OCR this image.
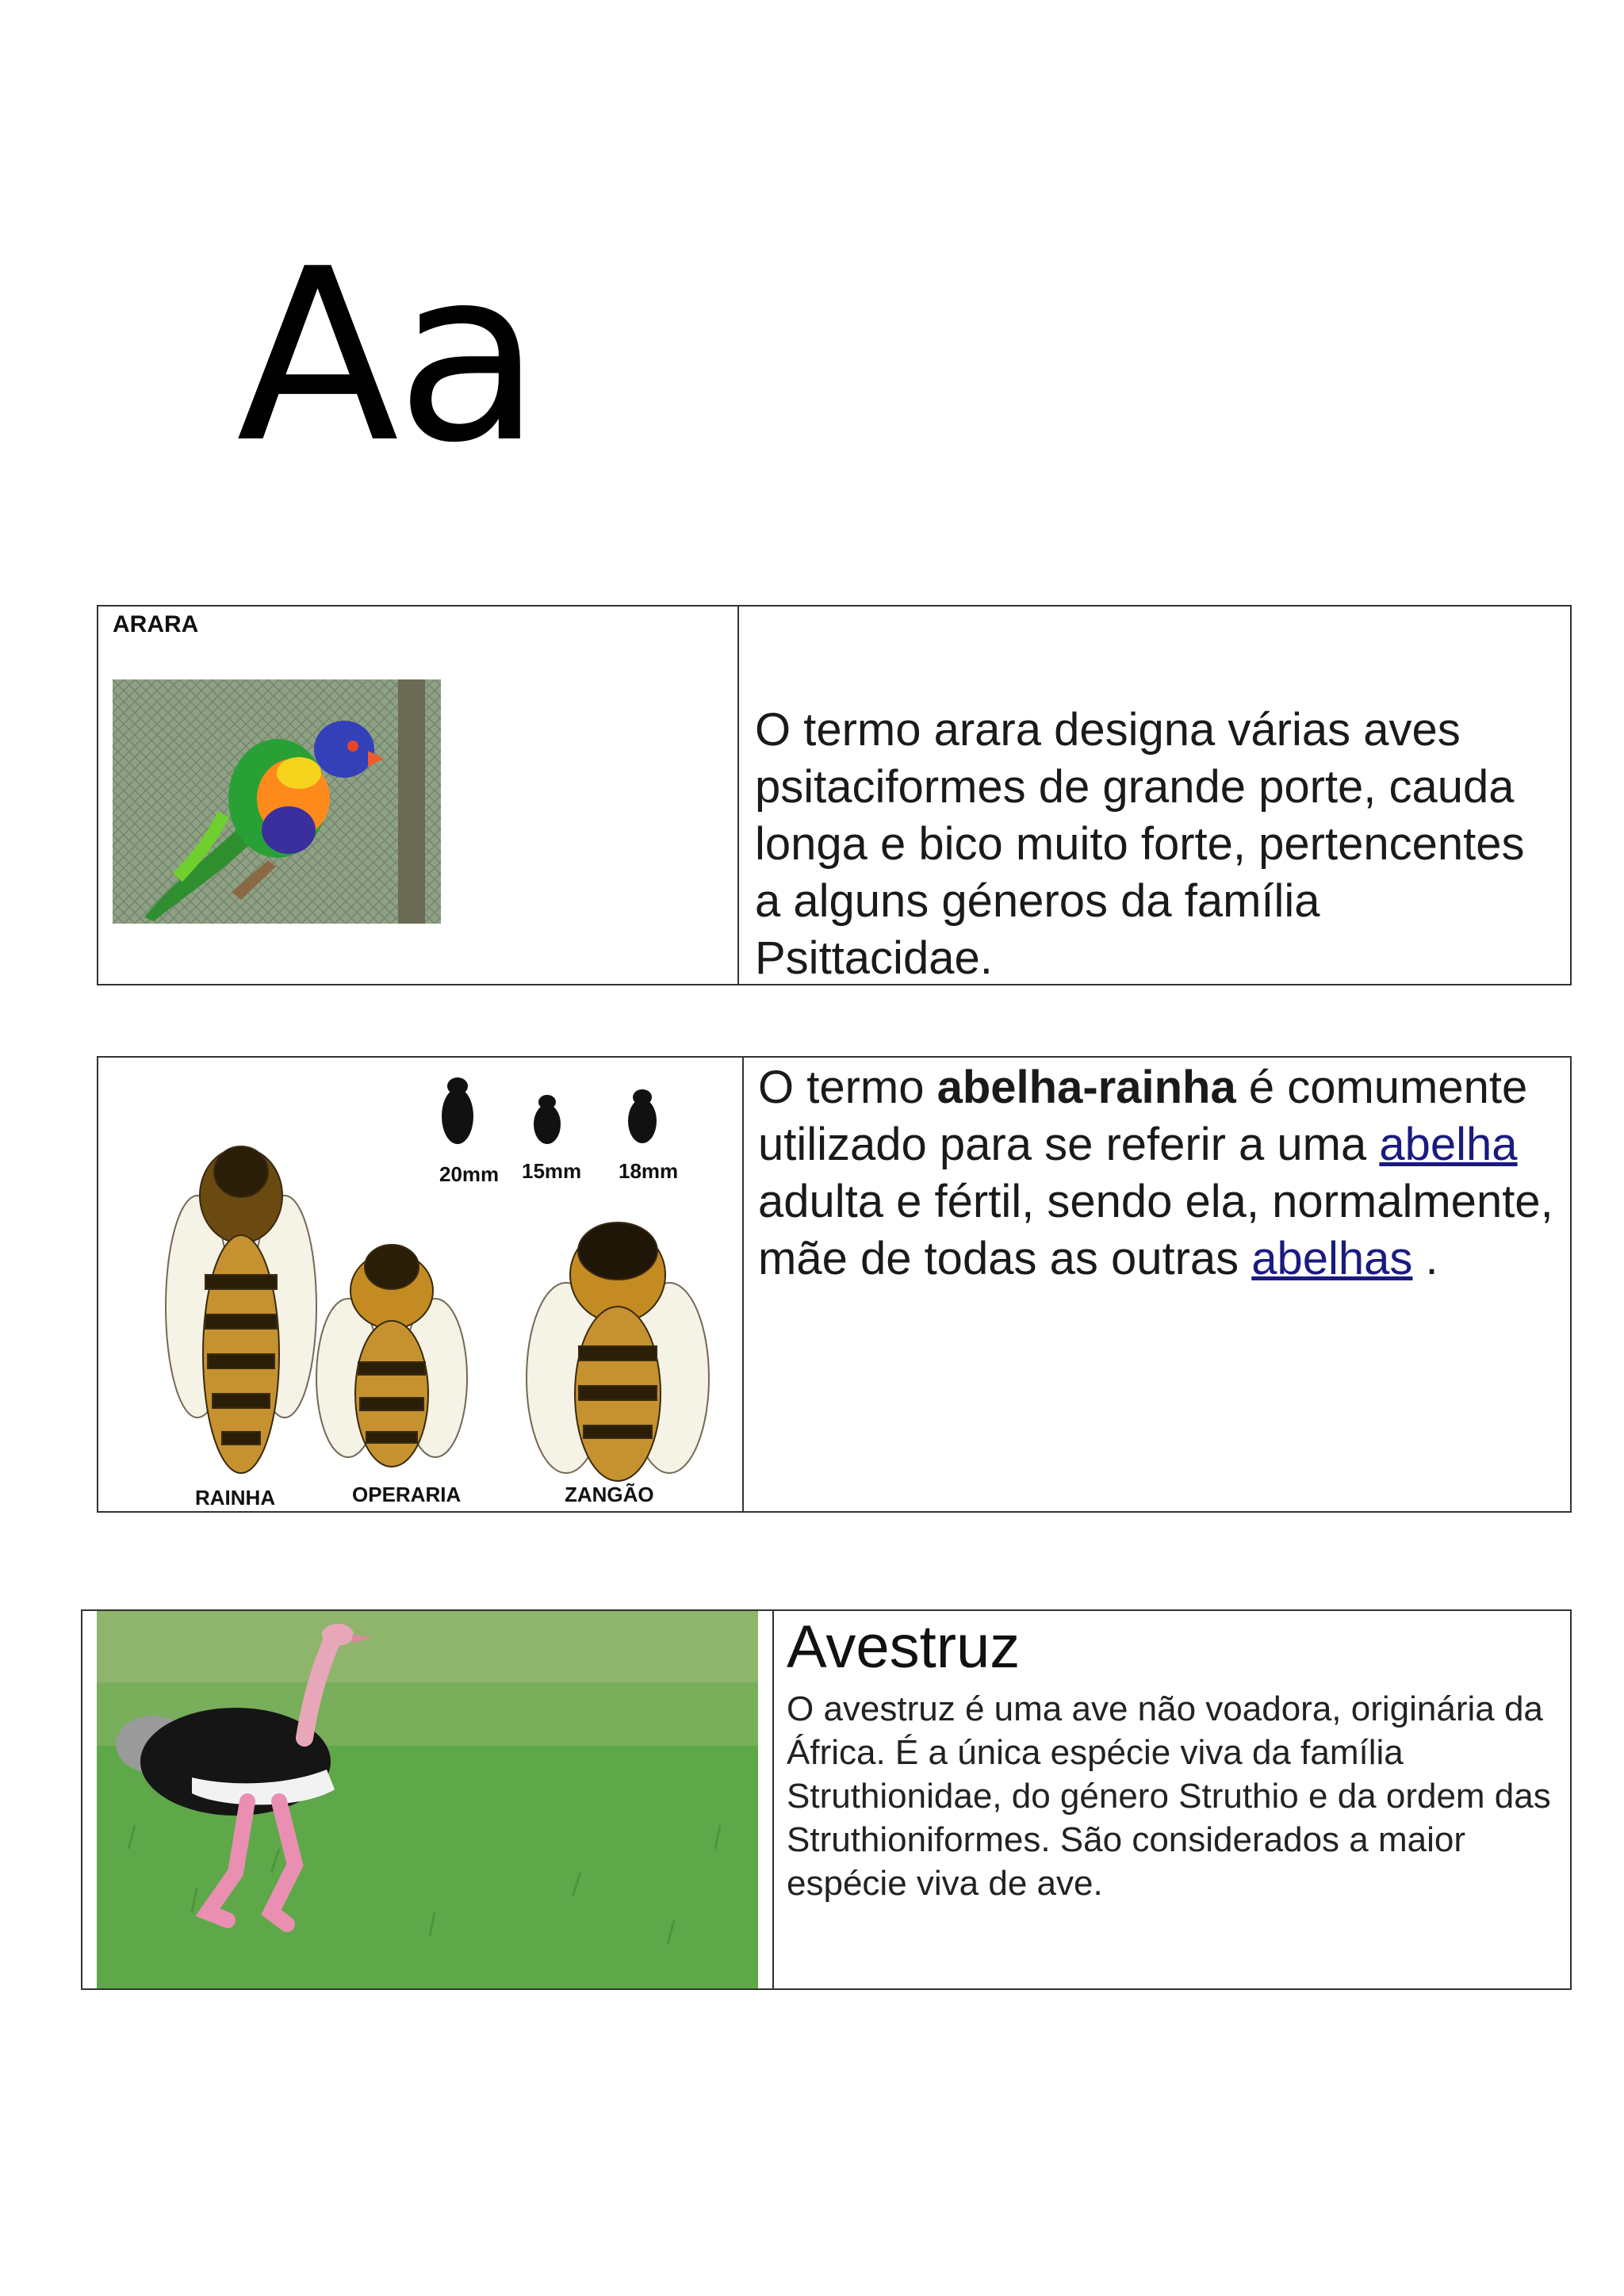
Aa
ARARA
O termo arara designa várias aves psitaciformes de grande porte, cauda longa e bico muito forte, pertencentes a alguns géneros da família Psittacidae.
20mm 15mm 18mm
RAINHA	OPERARIA	ZANGÃO
O termo abelha-rainha é comumente utilizado para se referir a uma abelha adulta e fértil, sendo ela, normalmente, mãe de todas as outras abelhas .
Avestruz
O avestruz é uma ave não voadora, originária da África. É a única espécie viva da família Struthionidae, do género Struthio e da ordem das Struthioniformes. São considerados a maior espécie viva de ave.
